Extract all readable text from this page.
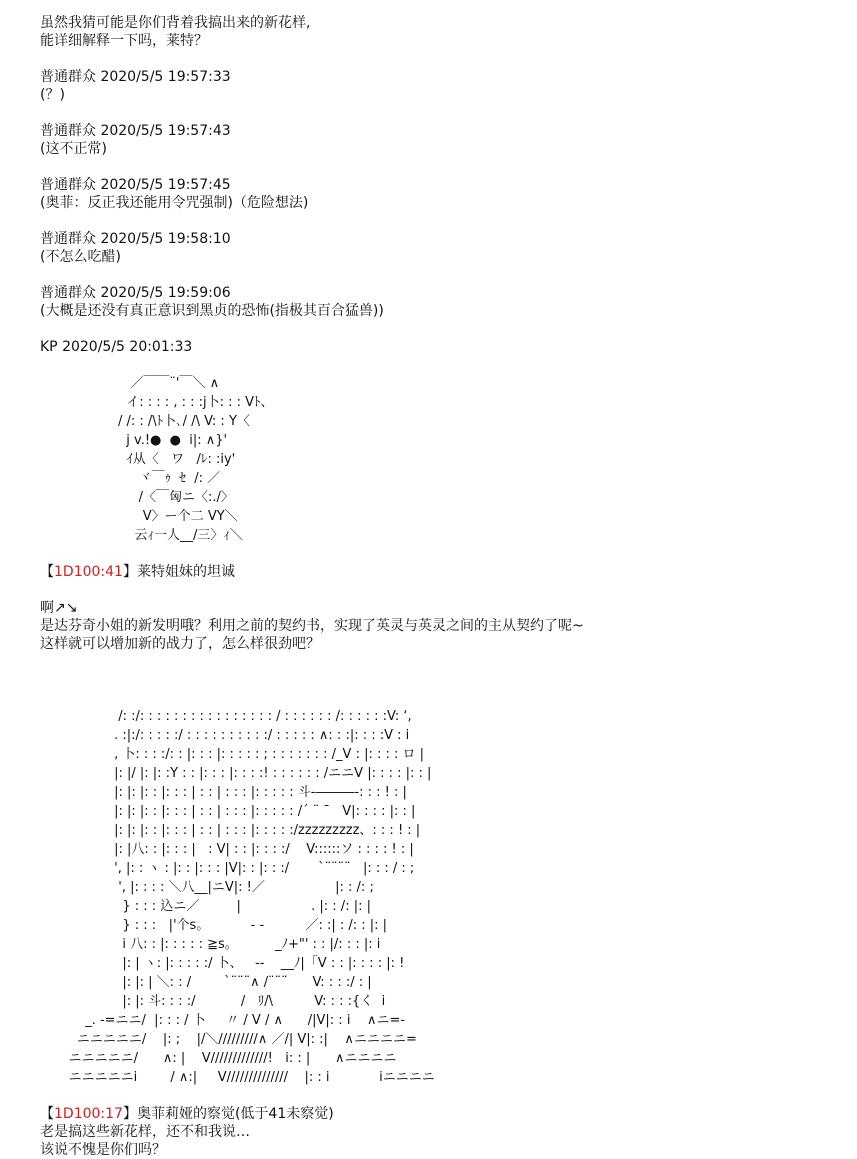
虽然我猜可能是你们背着我搞出来的新花样,

能详细解释一下吗，莱特？

普通群众 2020/5/5 19:57:33

(？)

普通群众 2020/5/5 19:57:43

(这不正常)

普通群众 2020/5/5 19:57:45

(奥菲：反正我还能用令咒强制)（危险想法)

普通群众 2020/5/5 19:58:10

(不怎么吃醋)

普通群众 2020/5/5 19:59:06

(大概是还没有真正意识到黑贞的恐怖(指极其百合猛兽))

KP 2020/5/5 20:01:33

／￣￣¨'￣＼ ∧
イ: : : : , : : :j卜: : : Ⅴﾄ、
/ /: : /\ﾄ卜､/ /\ V: : Y〈
j v.!●  ●  i|: ∧}'
ｲ从〈   ワ   /ﾚ: :iy'
ヾ￣ｩ  ｾ  /: ／
/〈￣匈ニ〈:./〉
V〉ー个二 VY＼
云ｨ一人__/三〉ｨ＼

【1D100:41】莱特姐妹的坦诚

啊↗↘

是达芬奇小姐的新发明哦？利用之前的契约书，实现了英灵与英灵之间的主从契约了呢~

这样就可以增加新的战力了，怎么样很劲吧？

/: :/: : : : : : : : : : : : : : : : / : : : : : : /: : : : : :V: ‘,
. :|:/: : : : :/ : : : : : : : : : :/ : : : : : ∧: : :|: : : :V : i
, 卜: : : :/: : |: : : |: : : : : ; : : : : : : : /_V : |: : : : ロ |
|: |/ |: |: :Y : : |: : : |: : : :! : : : : : : /ニニV |: : : : |: : |
|: |: |: : |: : : | : : | : : : |: : : : : 斗-―――-: : : ! : |
|: |: |: : |: : : | : : | : : : |: : : : : /´ ¨ ¯   V|: : : : |: : |
|: |: |: : |: : : | : : | : : : |: : : : :/zzzzzzzzz、: : : ! : |
|: |八: : |: : : |   : V| : : |: : : :/    V::::::ソ : : : : ! : |
', |: : ヽ : |: : |: : : |V|: : |: : :/       `¨¨¨¨   |: : : / : ;
', |: : : : ＼八__|ニV|: !／                 |: : /: ;
} : : : 込ニ／         |                 . |: : /: |: |
} : : :   |'个s。          ‐ ‐          ／: :| : /: : |: |
i 八: : |: : : : : ≧s。         _ﾉ+"' : : |/: : : |: i
|: | ヽ: |: : : : :/ 卜、   ‐‐    __ﾉ|「V : : |: : : : |: !
|: |: | ＼: : /        `¨¨¨∧ /¨¨¨      V: : : :/ : |
|: |: 斗: : : :/           /   ﾘ/\          V: : : :{く  i
_. -=ニニ/  |: : : / 卜     〃 / V / ∧      /|V|: : i    ∧ニ=-
ニニニニニ/    |: ;    |/＼/////////∧ ／/| V|: :|    ∧ニニニニ=
ニニニニニ/      ∧: |    V/////////////!   i: : |      ∧ニニニニ
ニニニニニi        / ∧:|     V//////////////    |: : i            iニニニニ

【1D100:17】奥菲莉娅的察觉(低于41未察觉)

老是搞这些新花样，还不和我说…

该说不愧是你们吗？
